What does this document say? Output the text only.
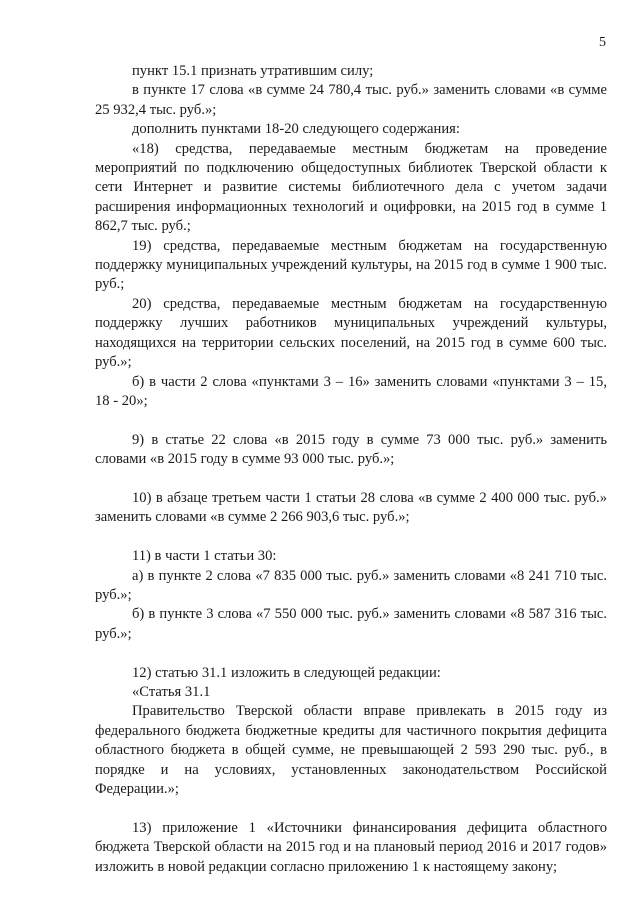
5

пункт 15.1 признать утратившим силу;

в пункте 17 слова «в сумме 24 780,4 тыс. руб.» заменить словами «в сумме 25 932,4 тыс. руб.»;

дополнить пунктами 18-20 следующего содержания:

«18) средства, передаваемые местным бюджетам на проведение мероприятий по подключению общедоступных библиотек Тверской области к сети Интернет и развитие системы библиотечного дела с учетом задачи расширения информационных технологий и оцифровки, на 2015 год в сумме 1 862,7 тыс. руб.;

19) средства, передаваемые местным бюджетам на государственную поддержку муниципальных учреждений культуры, на 2015 год в сумме 1 900 тыс. руб.;

20) средства, передаваемые местным бюджетам на государственную поддержку лучших работников муниципальных учреждений культуры, находящихся на территории сельских поселений, на 2015 год в сумме 600 тыс. руб.»;

б) в части 2 слова «пунктами 3 – 16» заменить словами «пунктами 3 – 15, 18 - 20»;

9) в статье 22 слова «в 2015 году в сумме 73 000 тыс. руб.» заменить словами «в 2015 году в сумме 93 000 тыс. руб.»;

10) в абзаце третьем части 1 статьи 28 слова «в сумме 2 400 000 тыс. руб.» заменить словами «в сумме 2 266 903,6 тыс. руб.»;

11) в части 1 статьи 30:

а) в пункте 2 слова «7 835 000 тыс. руб.» заменить словами «8 241 710 тыс. руб.»;

б) в пункте 3 слова «7 550 000 тыс. руб.» заменить словами «8 587 316 тыс. руб.»;

12) статью 31.1 изложить в следующей редакции:

«Статья 31.1

Правительство Тверской области вправе привлекать в 2015 году из федерального бюджета бюджетные кредиты для частичного покрытия дефицита областного бюджета в общей сумме, не превышающей 2 593 290 тыс. руб., в порядке и на условиях, установленных законодательством Российской Федерации.»;

13) приложение 1 «Источники финансирования дефицита областного бюджета Тверской области на 2015 год и на плановый период 2016 и 2017 годов» изложить в новой редакции согласно приложению 1 к настоящему закону;
